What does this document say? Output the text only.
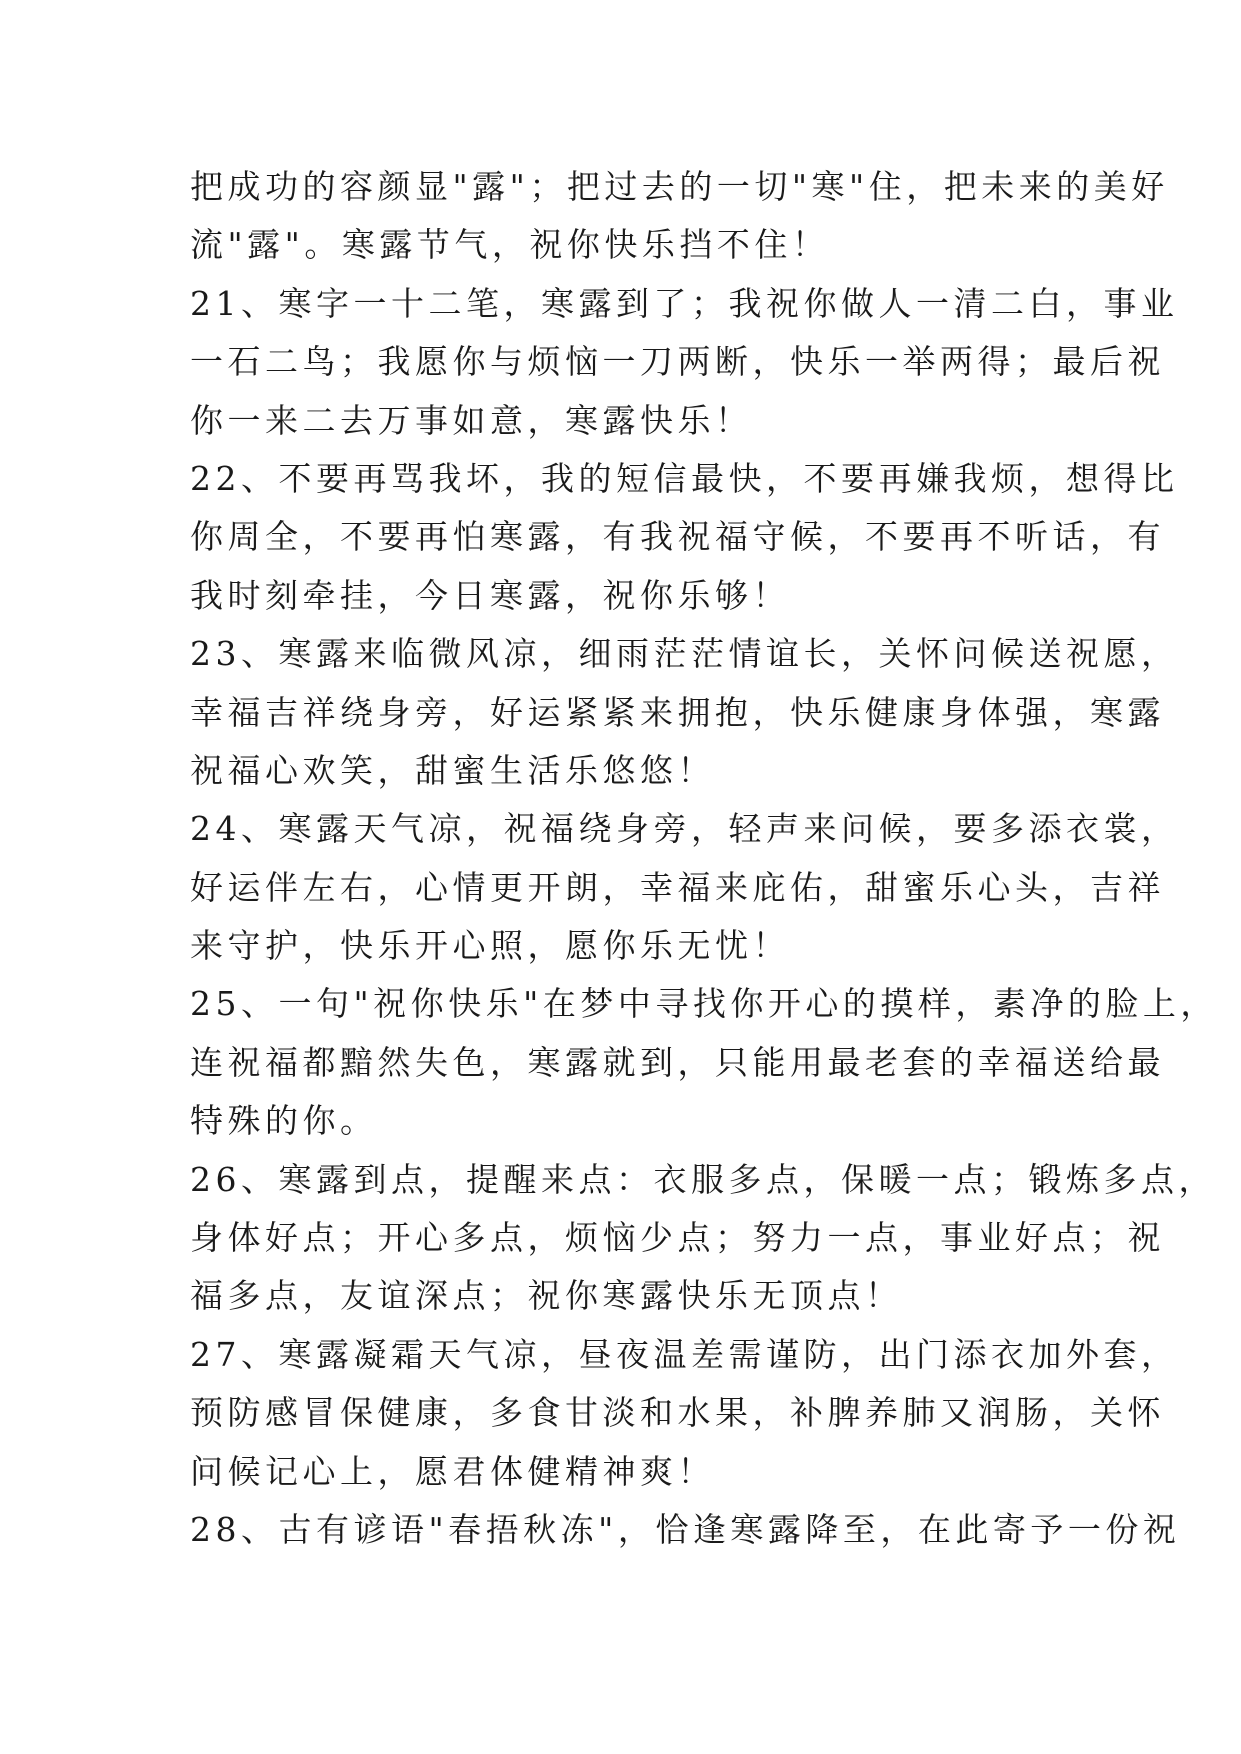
把成功的容颜显"露"；把过去的一切"寒"住，把未来的美好
流"露"。寒露节气，祝你快乐挡不住！
21、寒字一十二笔，寒露到了；我祝你做人一清二白，事业
一石二鸟；我愿你与烦恼一刀两断，快乐一举两得；最后祝
你一来二去万事如意，寒露快乐！
22、不要再骂我坏，我的短信最快，不要再嫌我烦，想得比
你周全，不要再怕寒露，有我祝福守候，不要再不听话，有
我时刻牵挂，今日寒露，祝你乐够！
23、寒露来临微风凉，细雨茫茫情谊长，关怀问候送祝愿，
幸福吉祥绕身旁，好运紧紧来拥抱，快乐健康身体强，寒露
祝福心欢笑，甜蜜生活乐悠悠！
24、寒露天气凉，祝福绕身旁，轻声来问候，要多添衣裳，
好运伴左右，心情更开朗，幸福来庇佑，甜蜜乐心头，吉祥
来守护，快乐开心照，愿你乐无忧！
25、一句"祝你快乐"在梦中寻找你开心的摸样，素净的脸上，
连祝福都黯然失色，寒露就到，只能用最老套的幸福送给最
特殊的你。
26、寒露到点，提醒来点：衣服多点，保暖一点；锻炼多点，
身体好点；开心多点，烦恼少点；努力一点，事业好点；祝
福多点，友谊深点；祝你寒露快乐无顶点！
27、寒露凝霜天气凉，昼夜温差需谨防，出门添衣加外套，
预防感冒保健康，多食甘淡和水果，补脾养肺又润肠，关怀
问候记心上，愿君体健精神爽！
28、古有谚语"春捂秋冻"，恰逢寒露降至，在此寄予一份祝
